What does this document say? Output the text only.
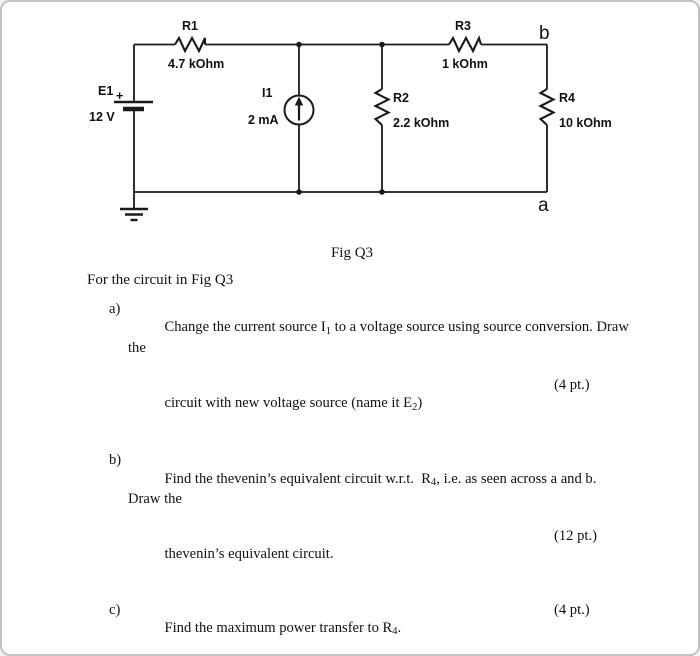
R1
4.7 kOhm
R3
1 kOhm
E1 +
12 V
I1
2 mA
R2
2.2 kOhm
R4
10 kOhm
b
a
Fig Q3
For the circuit in Fig Q3
a)

Change the current source I1 to a voltage source using source conversion. Draw the

circuit with new voltage source (name it E2)

(4 pt.)

b)

Find the thevenin’s equivalent circuit w.r.t.  R4, i.e. as seen across a and b.  Draw the

thevenin’s equivalent circuit.

(12 pt.)

c)

Find the maximum power transfer to R4.

(4 pt.)
